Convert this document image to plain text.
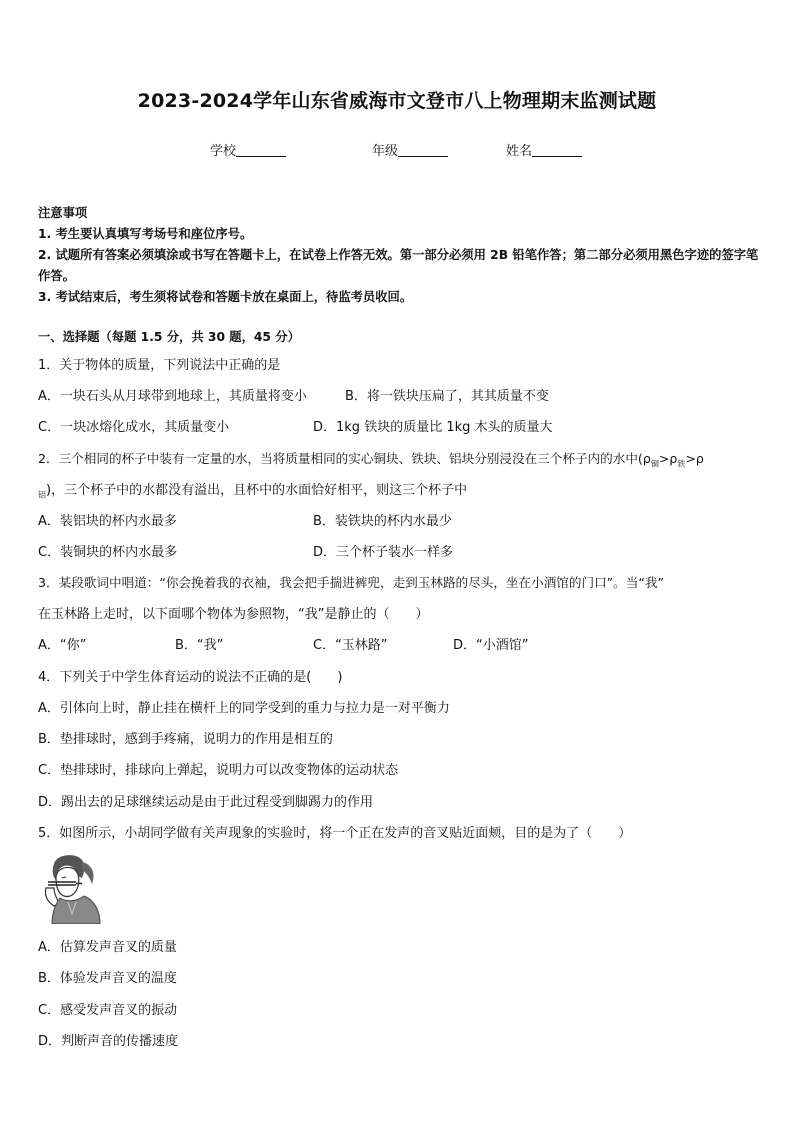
2023-2024学年山东省威海市文登市八上物理期末监测试题
学校	年级	姓名

注意事项

1. 考生要认真填写考场号和座位序号。

2. 试题所有答案必须填涂或书写在答题卡上，在试卷上作答无效。第一部分必须用 2B 铅笔作答；第二部分必须用黑色字迹的签字笔作答。

3. 考试结束后，考生须将试卷和答题卡放在桌面上，待监考员收回。

一、选择题（每题 1.5 分，共 30 题，45 分）
1．关于物体的质量，下列说法中正确的是
A．一块石头从月球带到地球上，其质量将变小	B．将一铁块压扁了，其其质量不变
C．一块冰熔化成水，其质量变小	D．1kg 铁块的质量比 1kg 木头的质量大
2．三个相同的杯子中装有一定量的水，当将质量相同的实心铜块、铁块、铝块分别浸没在三个杯子内的水中($\rho_铜>\rho_铁>\rho$
$_铝$)，三个杯子中的水都没有溢出，且杯中的水面恰好相平，则这三个杯子中
A．装铝块的杯内水最多	B．装铁块的杯内水最少
C．装铜块的杯内水最多	D．三个杯子装水一样多
3．某段歌词中唱道：“你会挽着我的衣袖，我会把手揣进裤兜，走到玉林路的尽头，坐在小酒馆的门口”。当“我”
在玉林路上走时，以下面哪个物体为参照物，“我”是静止的（　　）
A．“你”	B．“我”	C．“玉林路”	D．“小酒馆”
4．下列关于中学生体育运动的说法不正确的是(　　)
A．引体向上时，静止挂在横杆上的同学受到的重力与拉力是一对平衡力
B．垫排球时，感到手疼痛，说明力的作用是相互的
C．垫排球时，排球向上弹起，说明力可以改变物体的运动状态
D．踢出去的足球继续运动是由于此过程受到脚踢力的作用
5．如图所示，小胡同学做有关声现象的实验时，将一个正在发声的音叉贴近面颊，目的是为了（　　）
A．估算发声音叉的质量
B．体验发声音叉的温度
C．感受发声音叉的振动
D．判断声音的传播速度
